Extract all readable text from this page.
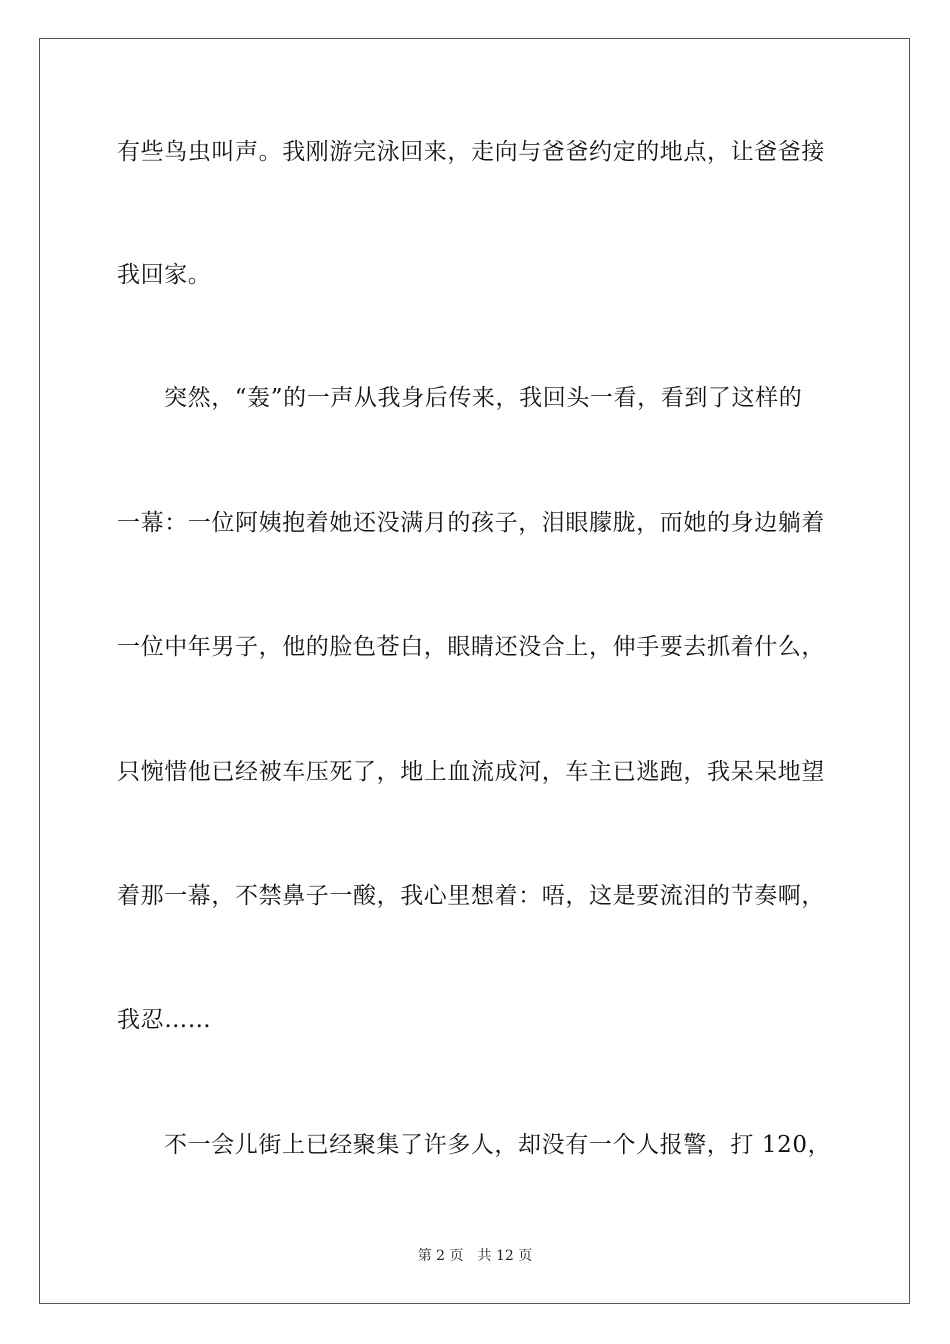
有些鸟虫叫声。我刚游完泳回来，走向与爸爸约定的地点，让爸爸接
我回家。
突然，“轰”的一声从我身后传来，我回头一看，看到了这样的
一幕：一位阿姨抱着她还没满月的孩子，泪眼朦胧，而她的身边躺着
一位中年男子，他的脸色苍白，眼睛还没合上，伸手要去抓着什么，
只惋惜他已经被车压死了，地上血流成河，车主已逃跑，我呆呆地望
着那一幕，不禁鼻子一酸，我心里想着：唔，这是要流泪的节奏啊，
我忍……
不一会儿街上已经聚集了许多人，却没有一个人报警，打 120，
第 2 页 共 12 页
